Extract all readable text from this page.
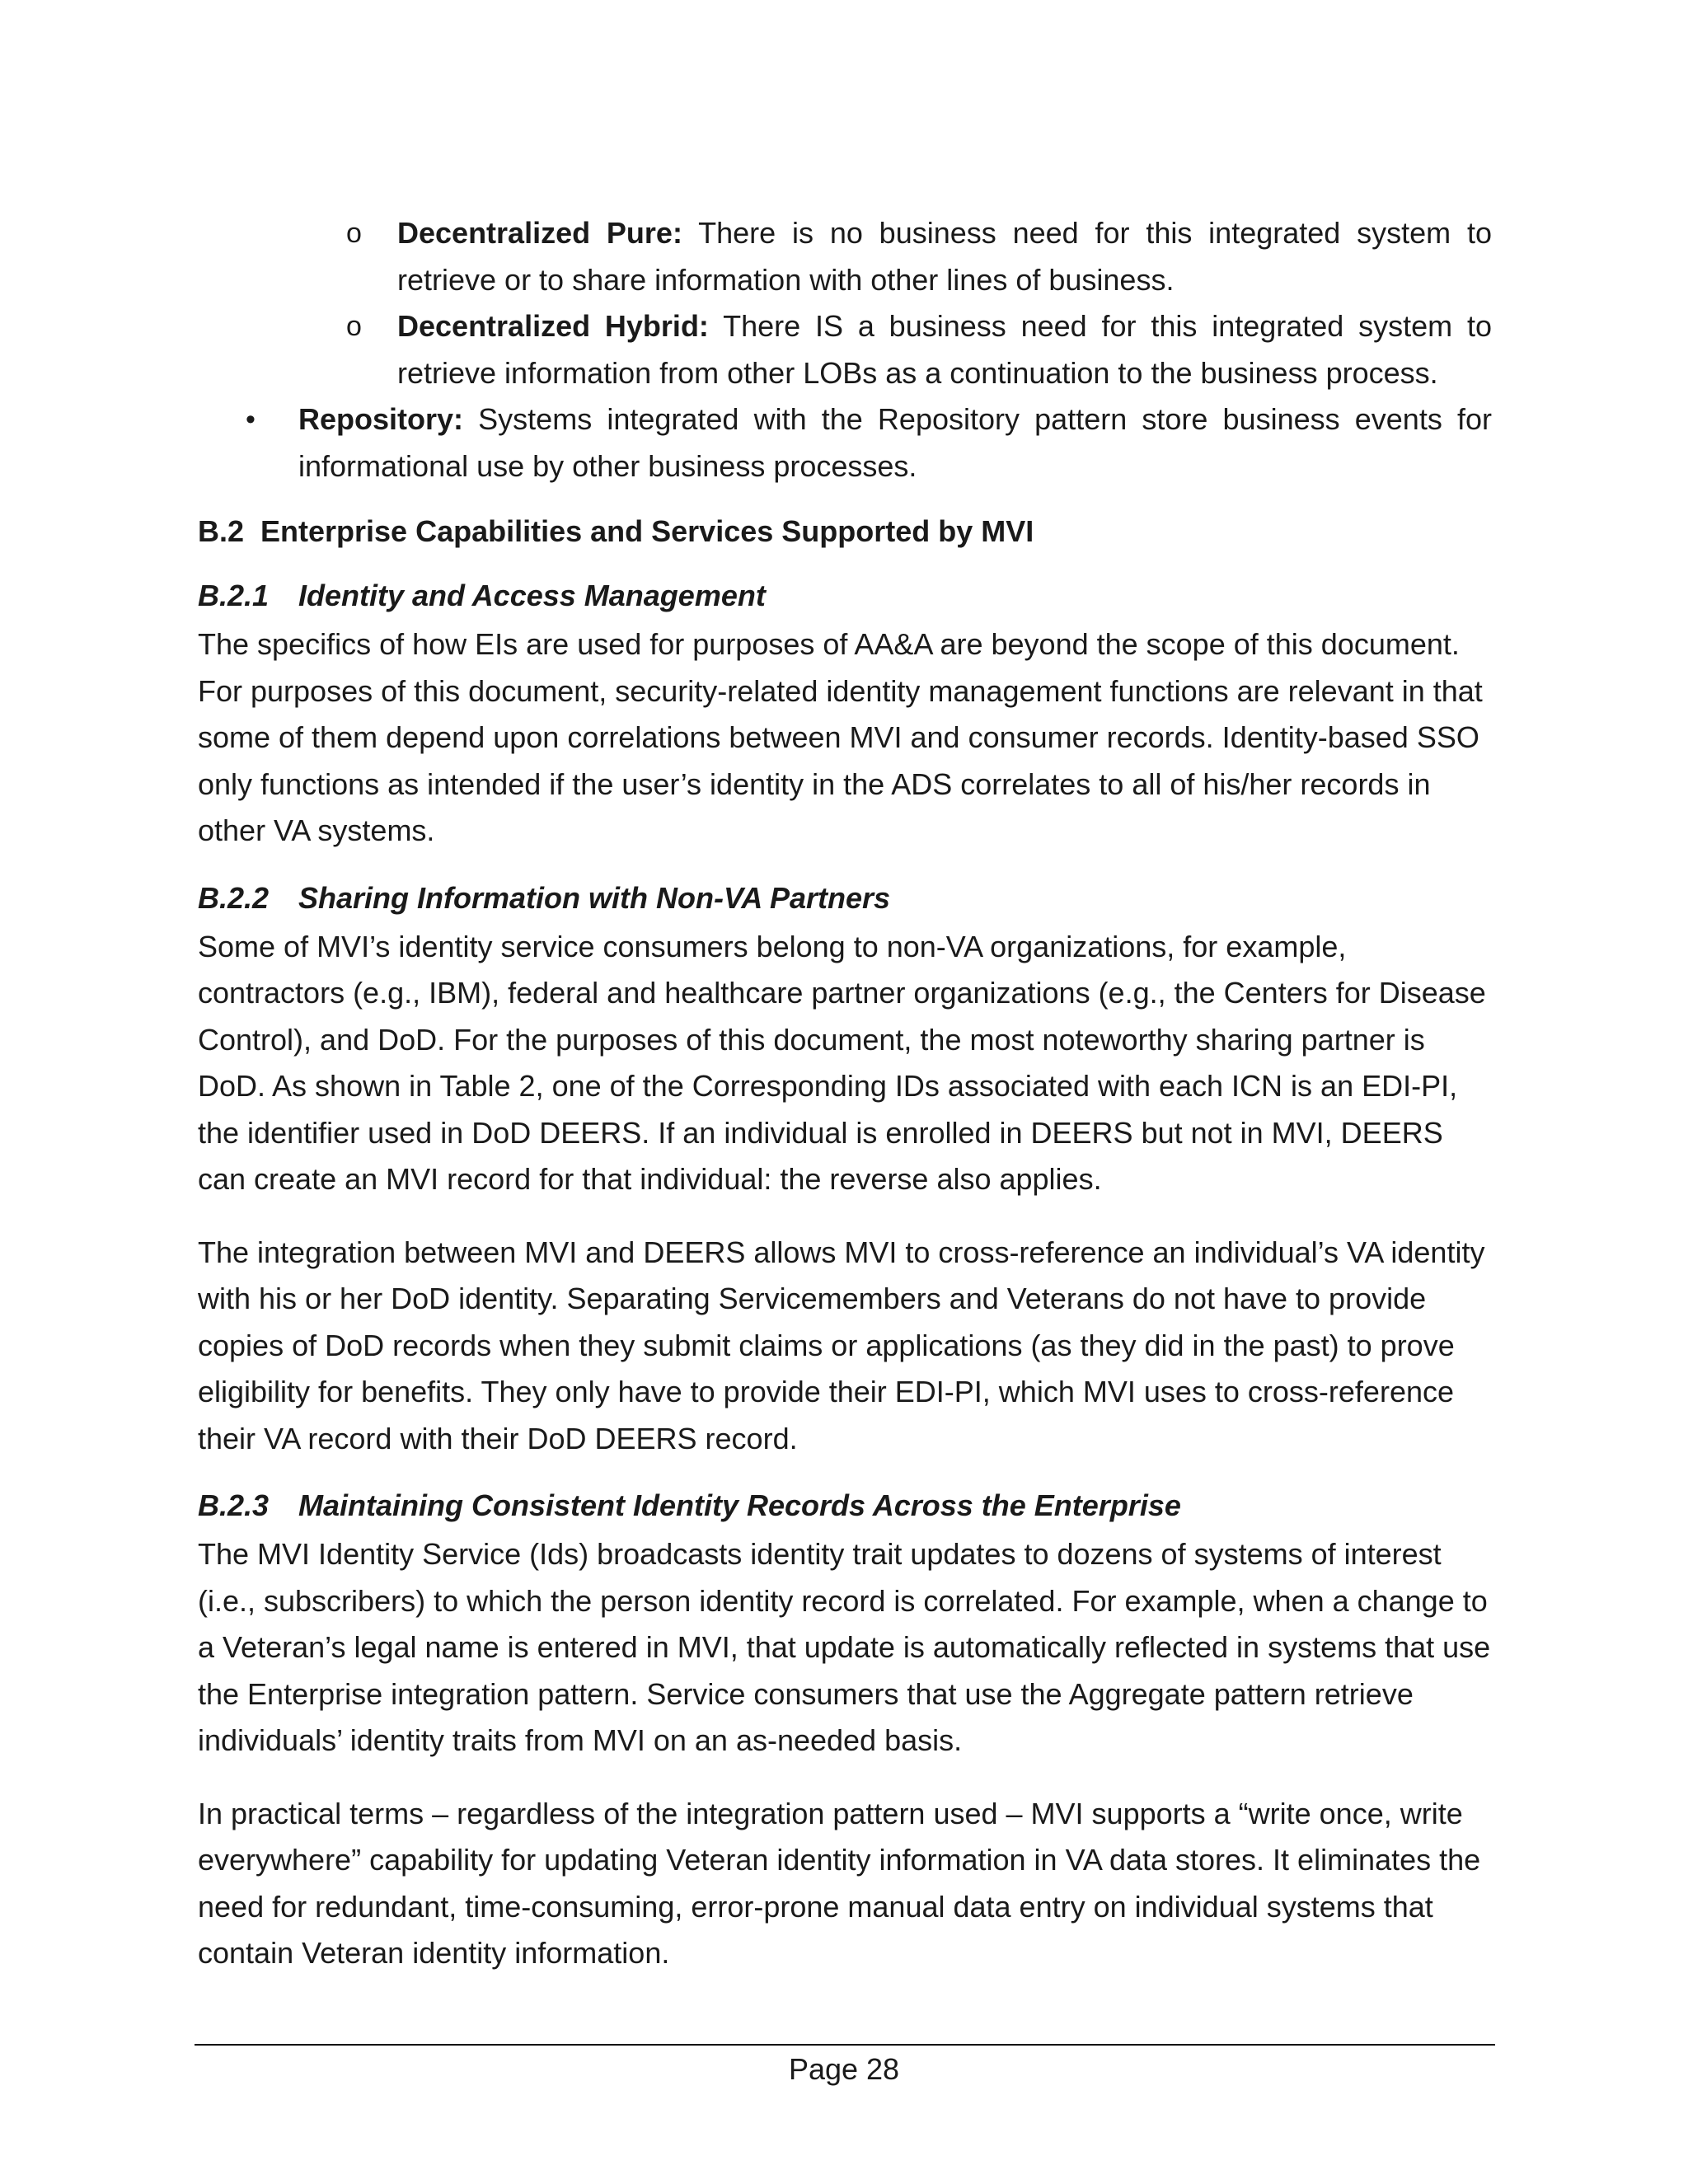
o Decentralized Pure: There is no business need for this integrated system to retrieve or to share information with other lines of business.
o Decentralized Hybrid: There IS a business need for this integrated system to retrieve information from other LOBs as a continuation to the business process.
• Repository: Systems integrated with the Repository pattern store business events for informational use by other business processes.
B.2 Enterprise Capabilities and Services Supported by MVI
B.2.1 Identity and Access Management

The specifics of how EIs are used for purposes of AA&A are beyond the scope of this document. For purposes of this document, security-related identity management functions are relevant in that some of them depend upon correlations between MVI and consumer records. Identity-based SSO only functions as intended if the user’s identity in the ADS correlates to all of his/her records in other VA systems.

B.2.2 Sharing Information with Non-VA Partners

Some of MVI’s identity service consumers belong to non-VA organizations, for example, contractors (e.g., IBM), federal and healthcare partner organizations (e.g., the Centers for Disease Control), and DoD. For the purposes of this document, the most noteworthy sharing partner is DoD. As shown in Table 2, one of the Corresponding IDs associated with each ICN is an EDI-PI, the identifier used in DoD DEERS. If an individual is enrolled in DEERS but not in MVI, DEERS can create an MVI record for that individual: the reverse also applies.

The integration between MVI and DEERS allows MVI to cross-reference an individual’s VA identity with his or her DoD identity. Separating Servicemembers and Veterans do not have to provide copies of DoD records when they submit claims or applications (as they did in the past) to prove eligibility for benefits. They only have to provide their EDI-PI, which MVI uses to cross-reference their VA record with their DoD DEERS record.

B.2.3 Maintaining Consistent Identity Records Across the Enterprise

The MVI Identity Service (Ids) broadcasts identity trait updates to dozens of systems of interest (i.e., subscribers) to which the person identity record is correlated. For example, when a change to a Veteran’s legal name is entered in MVI, that update is automatically reflected in systems that use the Enterprise integration pattern. Service consumers that use the Aggregate pattern retrieve individuals’ identity traits from MVI on an as-needed basis.

In practical terms – regardless of the integration pattern used – MVI supports a “write once, write everywhere” capability for updating Veteran identity information in VA data stores. It eliminates the need for redundant, time-consuming, error-prone manual data entry on individual systems that contain Veteran identity information.

Page 28
